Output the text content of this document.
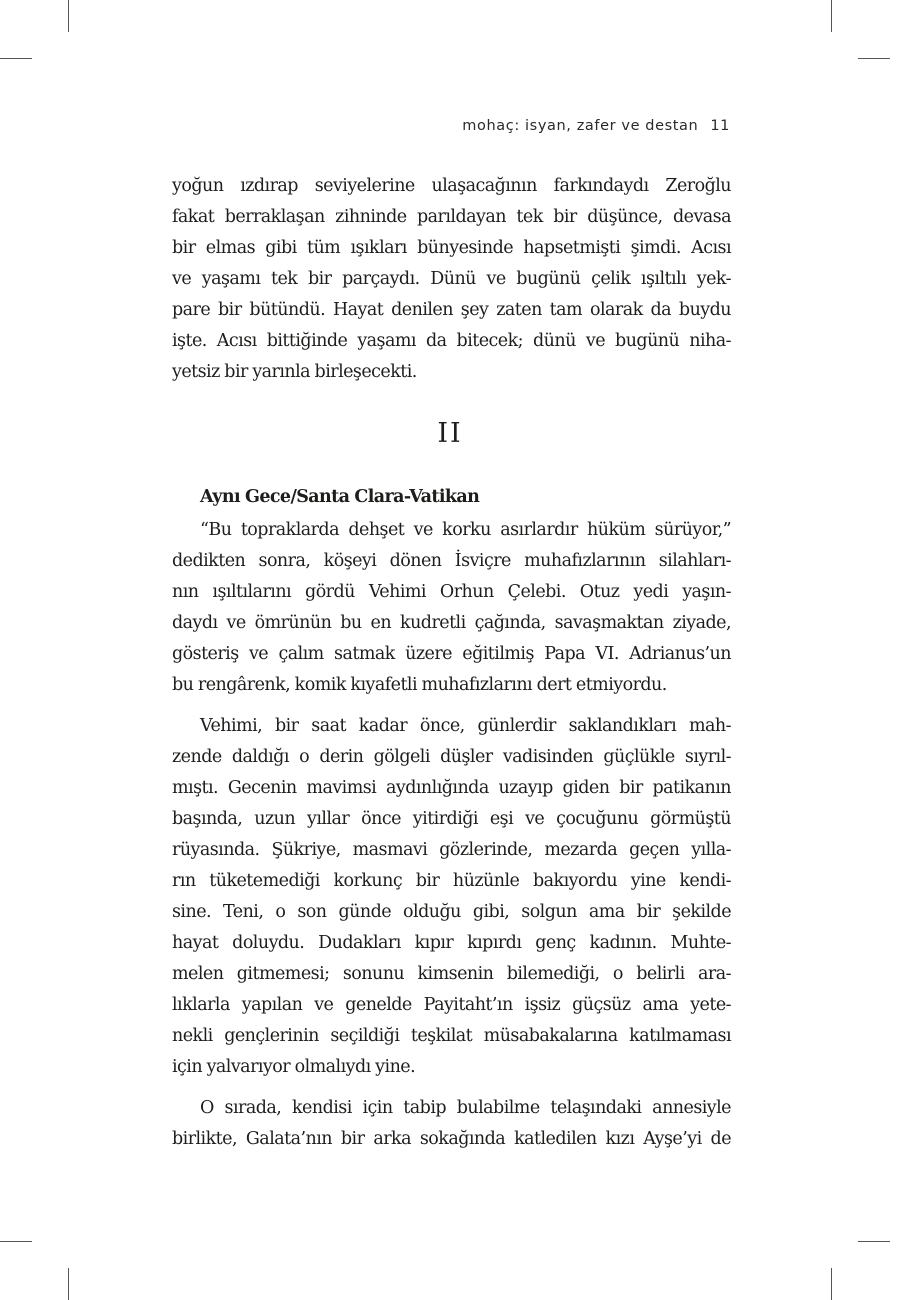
mohaç: isyan, zafer ve destan 11

yoğun ızdırap seviyelerine ulaşacağının farkındaydı Zeroğlu
fakat berraklaşan zihninde parıldayan tek bir düşünce, devasa
bir elmas gibi tüm ışıkları bünyesinde hapsetmişti şimdi. Acısı
ve yaşamı tek bir parçaydı. Dünü ve bugünü çelik ışıltılı yek-
pare bir bütündü. Hayat denilen şey zaten tam olarak da buydu
işte. Acısı bittiğinde yaşamı da bitecek; dünü ve bugünü niha-
yetsiz bir yarınla birleşecekti.

II
Aynı Gece/Santa Clara-Vatikan

“Bu topraklarda dehşet ve korku asırlardır hüküm sürüyor,”
dedikten sonra, köşeyi dönen İsviçre muhafızlarının silahları-
nın ışıltılarını gördü Vehimi Orhun Çelebi. Otuz yedi yaşın-
daydı ve ömrünün bu en kudretli çağında, savaşmaktan ziyade,
gösteriş ve çalım satmak üzere eğitilmiş Papa VI. Adrianus’un
bu rengârenk, komik kıyafetli muhafızlarını dert etmiyordu.

Vehimi, bir saat kadar önce, günlerdir saklandıkları mah-
zende daldığı o derin gölgeli düşler vadisinden güçlükle sıyrıl-
mıştı. Gecenin mavimsi aydınlığında uzayıp giden bir patikanın
başında, uzun yıllar önce yitirdiği eşi ve çocuğunu görmüştü
rüyasında. Şükriye, masmavi gözlerinde, mezarda geçen yılla-
rın tüketemediği korkunç bir hüzünle bakıyordu yine kendi-
sine. Teni, o son günde olduğu gibi, solgun ama bir şekilde
hayat doluydu. Dudakları kıpır kıpırdı genç kadının. Muhte-
melen gitmemesi; sonunu kimsenin bilemediği, o belirli ara-
lıklarla yapılan ve genelde Payitaht’ın işsiz güçsüz ama yete-
nekli gençlerinin seçildiği teşkilat müsabakalarına katılmaması
için yalvarıyor olmalıydı yine.

O sırada, kendisi için tabip bulabilme telaşındaki annesiyle
birlikte, Galata’nın bir arka sokağında katledilen kızı Ayşe’yi de
